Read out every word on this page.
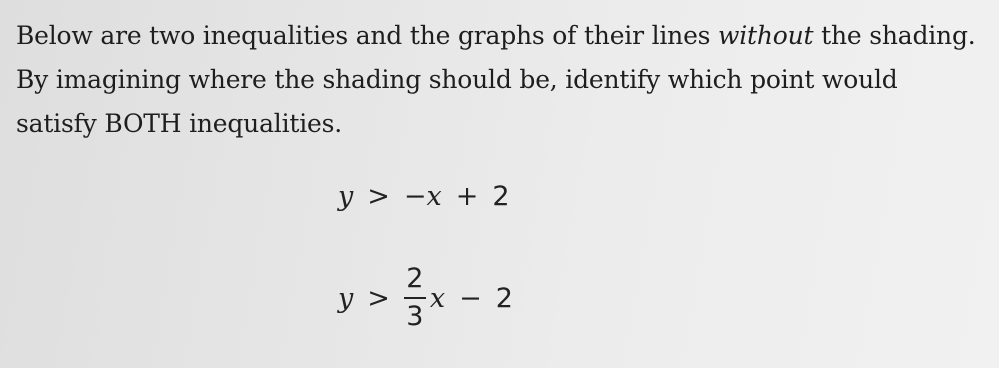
Below are two inequalities and the graphs of their lines without the shading. By imagining where the shading should be, identify which point would satisfy BOTH inequalities.

y > −x + 2
$y > \frac{2}{3}$ x − 2
